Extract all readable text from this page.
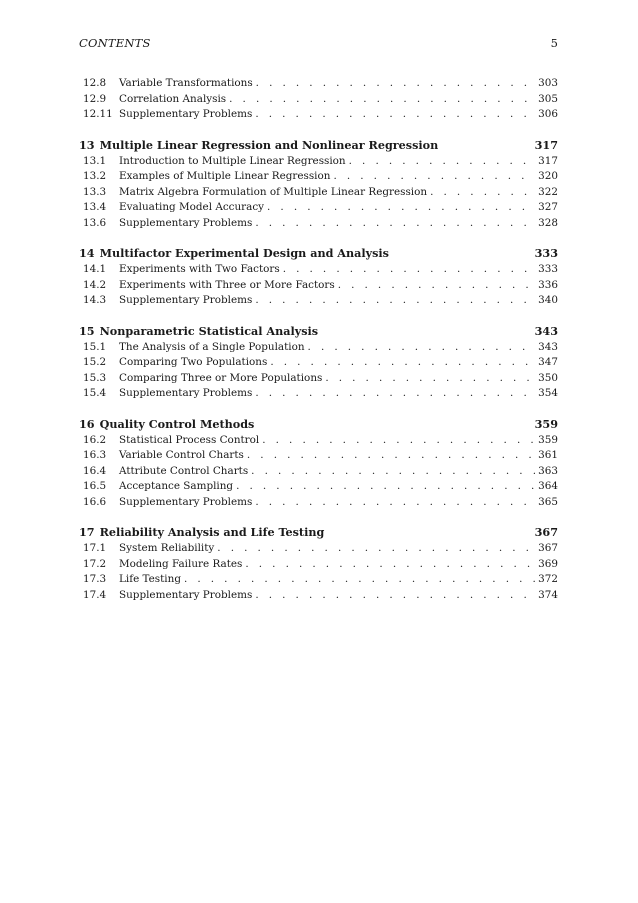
CONTENTS	5
12.8	Variable Transformations . . .	303
12.9	Correlation Analysis . . .	305
12.11 Supplementary Problems . . .	306
13 Multiple Linear Regression and Nonlinear Regression	317
13.1	Introduction to Multiple Linear Regression . . .	317
13.2	Examples of Multiple Linear Regression . . .	320
13.3	Matrix Algebra Formulation of Multiple Linear Regression . . .	322
13.4	Evaluating Model Accuracy . . .	327
13.6	Supplementary Problems . . .	328
14 Multifactor Experimental Design and Analysis	333
14.1	Experiments with Two Factors . . .	333
14.2	Experiments with Three or More Factors . . .	336
14.3	Supplementary Problems . . .	340
15 Nonparametric Statistical Analysis	343
15.1	The Analysis of a Single Population . . .	343
15.2	Comparing Two Populations . . .	347
15.3	Comparing Three or More Populations . . .	350
15.4	Supplementary Problems . . .	354
16 Quality Control Methods	359
16.2	Statistical Process Control . . .	359
16.3	Variable Control Charts . . .	361
16.4	Attribute Control Charts . . .	363
16.5	Acceptance Sampling . . .	364
16.6	Supplementary Problems . . .	365
17 Reliability Analysis and Life Testing	367
17.1	System Reliability . . .	367
17.2	Modeling Failure Rates . . .	369
17.3	Life Testing . . .	372
17.4	Supplementary Problems . . .	374
